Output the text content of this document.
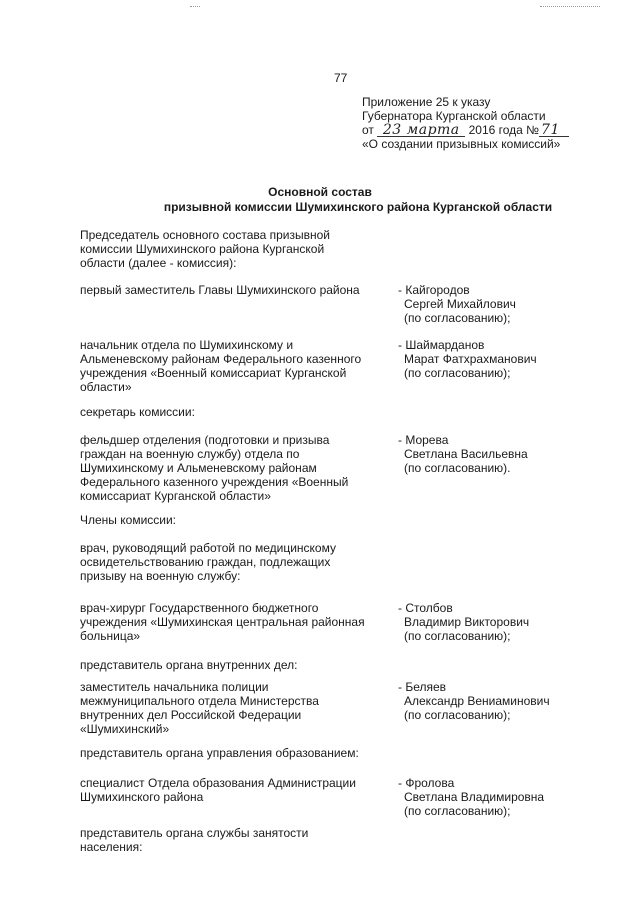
77
Приложение 25 к указу
Губернатора Курганской области
от 23 марта 2016 года № 71
«О создании призывных комиссий»
Основной состав
призывной комиссии Шумихинского района Курганской области
Председатель основного состава призывной
комиссии Шумихинского района Курганской
области (далее - комиссия):
первый заместитель Главы Шумихинского района	- Кайгородов
Сергей Михайлович
(по согласованию);
начальник отдела по Шумихинскому и
Альменевскому районам Федерального казенного
учреждения «Военный комиссариат Курганской
области»
- Шаймарданов
Марат Фатхрахманович
(по согласованию);
секретарь комиссии:
фельдшер отделения (подготовки и призыва
граждан на военную службу) отдела по
Шумихинскому и Альменевскому районам
Федерального казенного учреждения «Военный
комиссариат Курганской области»
- Морева
Светлана Васильевна
(по согласованию).
Члены комиссии:
врач, руководящий работой по медицинскому
освидетельствованию граждан, подлежащих
призыву на военную службу:
врач-хирург Государственного бюджетного
учреждения «Шумихинская центральная районная
больница»
- Столбов
Владимир Викторович
(по согласованию);
представитель органа внутренних дел:
заместитель начальника полиции
межмуниципального отдела Министерства
внутренних дел Российской Федерации
«Шумихинский»
- Беляев
Александр Вениаминович
(по согласованию);
представитель органа управления образованием:
специалист Отдела образования Администрации
Шумихинского района
- Фролова
Светлана Владимировна
(по согласованию);
представитель органа службы занятости
населения:
